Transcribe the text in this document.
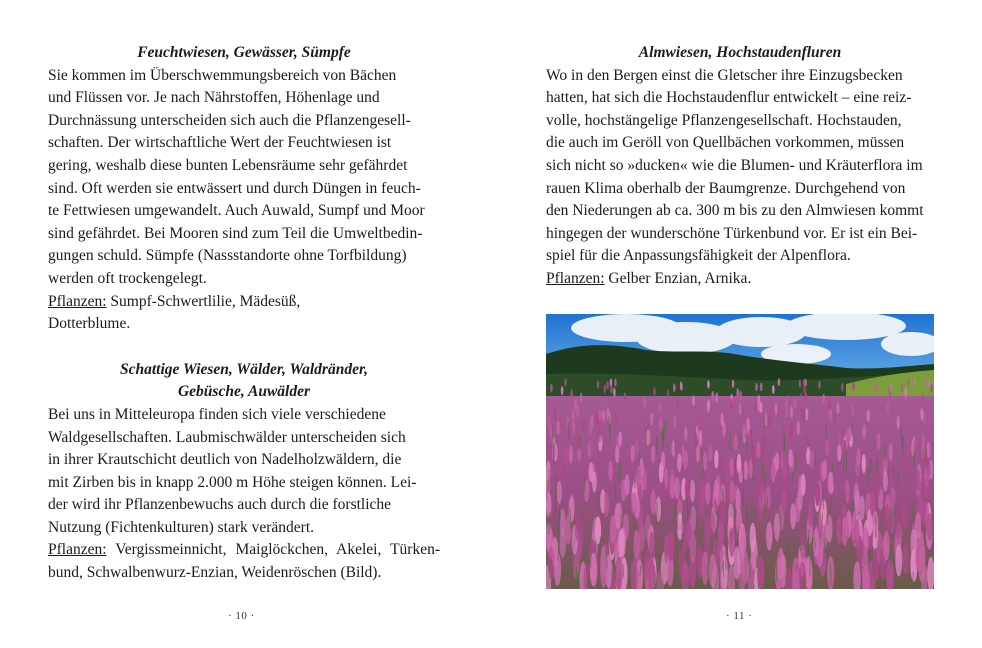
Feuchtwiesen, Gewässer, Sümpfe

Sie kommen im Überschwemmungsbereich von Bächen

und Flüssen vor. Je nach Nährstoffen, Höhenlage und

Durchnässung unterscheiden sich auch die Pflanzengesell-

schaften. Der wirtschaftliche Wert der Feuchtwiesen ist

gering, weshalb diese bunten Lebensräume sehr gefährdet

sind. Oft werden sie entwässert und durch Düngen in feuch-

te Fettwiesen umgewandelt. Auch Auwald, Sumpf und Moor

sind gefährdet. Bei Mooren sind zum Teil die Umweltbedin-

gungen schuld. Sümpfe (Nassstandorte ohne Torfbildung)

werden oft trockengelegt.

Pflanzen: Sumpf-Schwertlilie, Mädesüß,

Dotterblume.

Schattige Wiesen, Wälder, Waldränder,

Gebüsche, Auwälder

Bei uns in Mitteleuropa finden sich viele verschiedene

Waldgesellschaften. Laubmischwälder unterscheiden sich

in ihrer Krautschicht deutlich von Nadelholzwäldern, die

mit Zirben bis in knapp 2.000 m Höhe steigen können. Lei-

der wird ihr Pflanzenbewuchs auch durch die forstliche

Nutzung (Fichtenkulturen) stark verändert.

Pflanzen: Vergissmeinnicht, Maiglöckchen, Akelei, Türken-

bund, Schwalbenwurz-Enzian, Weidenröschen (Bild).

· 10 ·

Almwiesen, Hochstaudenfluren

Wo in den Bergen einst die Gletscher ihre Einzugsbecken

hatten, hat sich die Hochstaudenflur entwickelt – eine reiz-

volle, hochstängelige Pflanzengesellschaft. Hochstauden,

die auch im Geröll von Quellbächen vorkommen, müssen

sich nicht so »ducken« wie die Blumen- und Kräuterflora im

rauen Klima oberhalb der Baumgrenze. Durchgehend von

den Niederungen ab ca. 300 m bis zu den Almwiesen kommt

hingegen der wunderschöne Türkenbund vor. Er ist ein Bei-

spiel für die Anpassungsfähigkeit der Alpenflora.

Pflanzen: Gelber Enzian, Arnika.

· 11 ·
